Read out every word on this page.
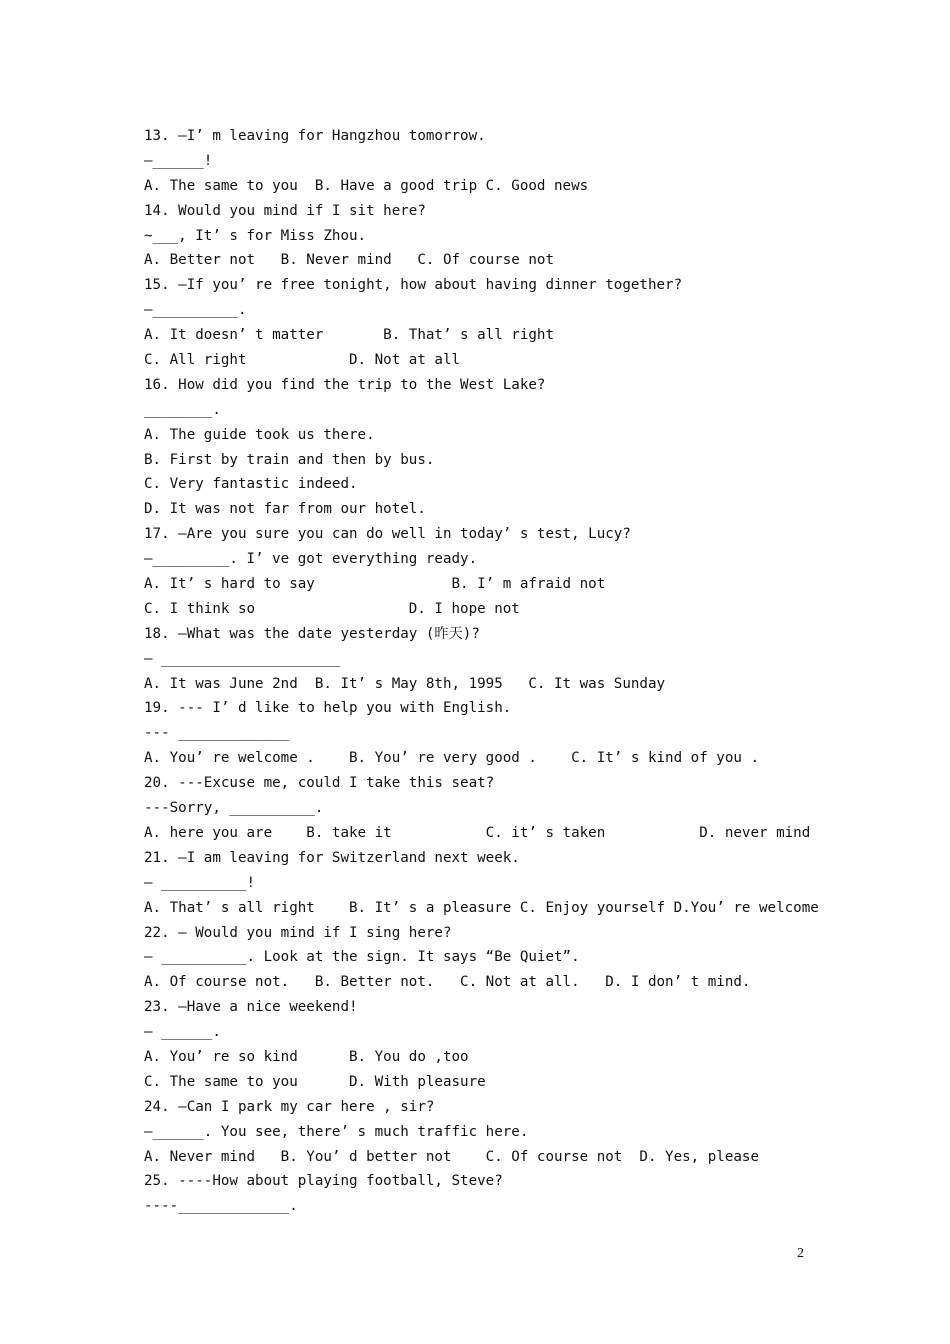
13. —I’ m leaving for Hangzhou tomorrow.
—______!
A. The same to you  B. Have a good trip C. Good news
14. Would you mind if I sit here?
~___, It’ s for Miss Zhou.
A. Better not   B. Never mind   C. Of course not
15. —If you’ re free tonight, how about having dinner together?
—__________.
A. It doesn’ t matter       B. That’ s all right
C. All right            D. Not at all
16. How did you find the trip to the West Lake?
________.
A. The guide took us there.
B. First by train and then by bus.
C. Very fantastic indeed.
D. It was not far from our hotel.
17. —Are you sure you can do well in today’ s test, Lucy?
—_________. I’ ve got everything ready.
A. It’ s hard to say                B. I’ m afraid not
C. I think so                  D. I hope not
18. —What was the date yesterday (昨天)?
— _____________________
A. It was June 2nd  B. It’ s May 8th, 1995   C. It was Sunday
19. --- I’ d like to help you with English.
--- _____________
A. You’ re welcome .    B. You’ re very good .    C. It’ s kind of you .
20. ---Excuse me, could I take this seat?
---Sorry, __________.
A. here you are    B. take it           C. it’ s taken           D. never mind
21. —I am leaving for Switzerland next week.
— __________!
A. That’ s all right    B. It’ s a pleasure C. Enjoy yourself D.You’ re welcome
22. — Would you mind if I sing here?
— __________. Look at the sign. It says “Be Quiet”.
A. Of course not.   B. Better not.   C. Not at all.   D. I don’ t mind.
23. —Have a nice weekend!
— ______.
A. You’ re so kind      B. You do ,too
C. The same to you      D. With pleasure
24. —Can I park my car here , sir?
—______. You see, there’ s much traffic here.
A. Never mind   B. You’ d better not    C. Of course not  D. Yes, please
25. ----How about playing football, Steve?
----_____________.
2
